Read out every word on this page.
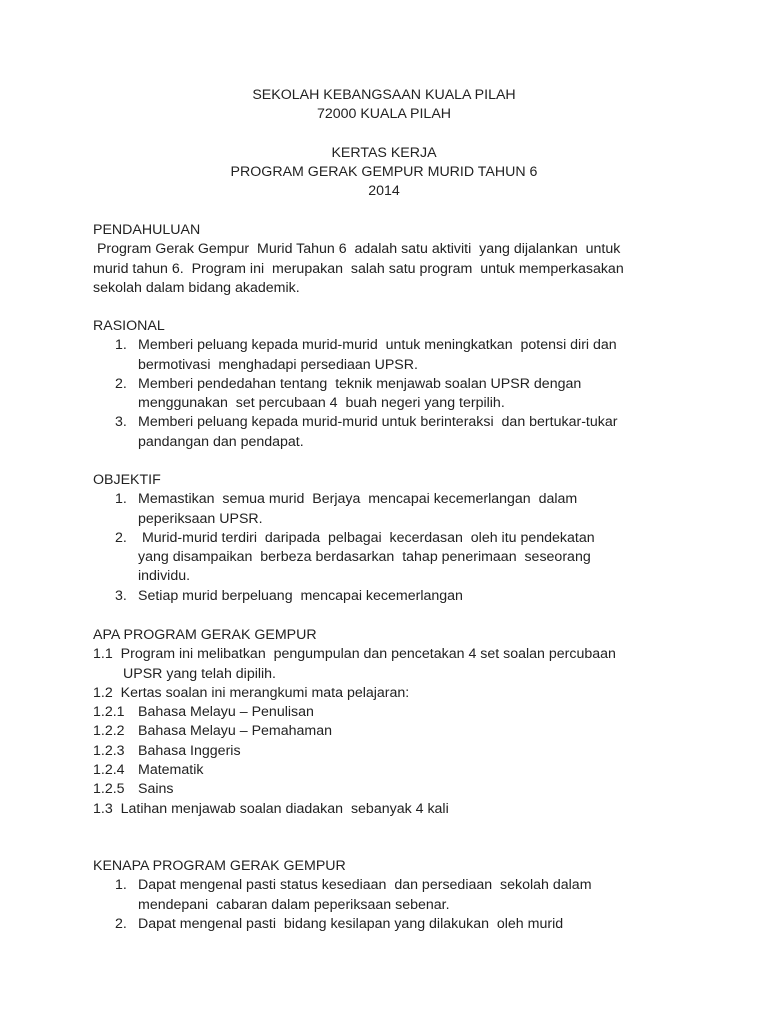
SEKOLAH KEBANGSAAN KUALA PILAH

72000 KUALA PILAH

KERTAS KERJA

PROGRAM GERAK GEMPUR MURID TAHUN 6

2014

PENDAHULUAN

Program Gerak Gempur  Murid Tahun 6  adalah satu aktiviti  yang dijalankan  untuk

murid tahun 6.  Program ini  merupakan  salah satu program  untuk memperkasakan

sekolah dalam bidang akademik.

RASIONAL

1. Memberi peluang kepada murid-murid  untuk meningkatkan  potensi diri dan

bermotivasi  menghadapi persediaan UPSR.

2. Memberi pendedahan tentang  teknik menjawab soalan UPSR dengan

menggunakan  set percubaan 4  buah negeri yang terpilih.

3. Memberi peluang kepada murid-murid untuk berinteraksi  dan bertukar-tukar

pandangan dan pendapat.

OBJEKTIF

1. Memastikan  semua murid  Berjaya  mencapai kecemerlangan  dalam

peperiksaan UPSR.

2. Murid-murid terdiri  daripada  pelbagai  kecerdasan  oleh itu pendekatan

yang disampaikan  berbeza berdasarkan  tahap penerimaan  seseorang

individu.

3. Setiap murid berpeluang  mencapai kecemerlangan

APA PROGRAM GERAK GEMPUR

1.1 Program ini melibatkan  pengumpulan dan pencetakan 4 set soalan percubaan

UPSR yang telah dipilih.

1.2 Kertas soalan ini merangkumi mata pelajaran:

1.2.1 Bahasa Melayu – Penulisan

1.2.2 Bahasa Melayu – Pemahaman

1.2.3 Bahasa Inggeris

1.2.4 Matematik

1.2.5 Sains

1.3 Latihan menjawab soalan diadakan  sebanyak 4 kali

KENAPA PROGRAM GERAK GEMPUR

1. Dapat mengenal pasti status kesediaan  dan persediaan  sekolah dalam

mendepani  cabaran dalam peperiksaan sebenar.

2. Dapat mengenal pasti  bidang kesilapan yang dilakukan  oleh murid
